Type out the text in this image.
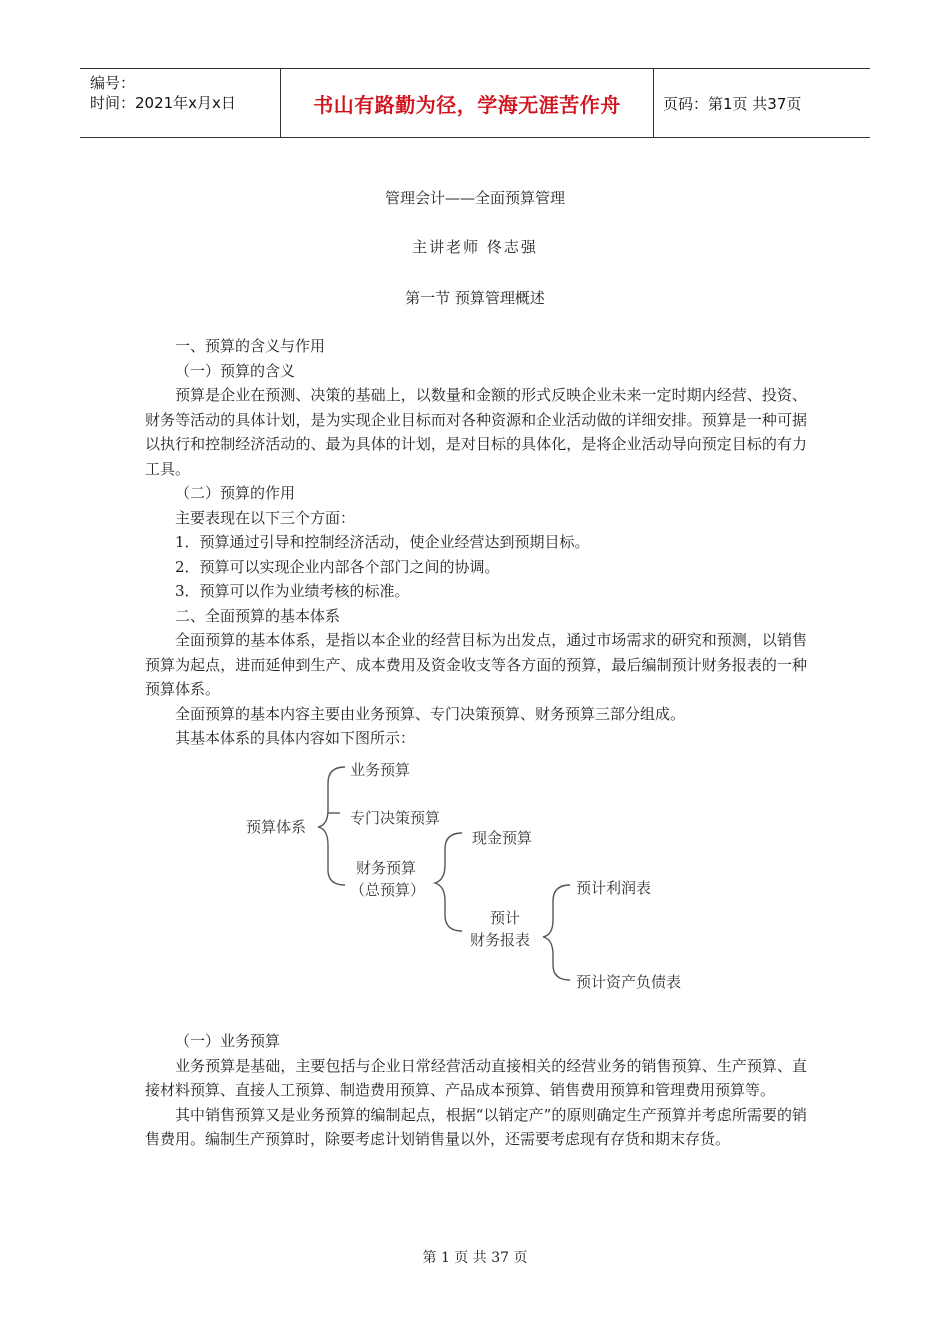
编号：
时间：2021年x月x日	书山有路勤为径，学海无涯苦作舟	页码：第1页 共37页
管理会计——全面预算管理
主讲老师 佟志强
第一节 预算管理概述

一、预算的含义与作用

（一）预算的含义

预算是企业在预测、决策的基础上，以数量和金额的形式反映企业未来一定时期内经营、投资、财务等活动的具体计划，是为实现企业目标而对各种资源和企业活动做的详细安排。预算是一种可据以执行和控制经济活动的、最为具体的计划，是对目标的具体化，是将企业活动导向预定目标的有力工具。

（二）预算的作用

主要表现在以下三个方面：

1．预算通过引导和控制经济活动，使企业经营达到预期目标。

2．预算可以实现企业内部各个部门之间的协调。

3．预算可以作为业绩考核的标准。

二、全面预算的基本体系

全面预算的基本体系，是指以本企业的经营目标为出发点，通过市场需求的研究和预测，以销售预算为起点，进而延伸到生产、成本费用及资金收支等各方面的预算，最后编制预计财务报表的一种预算体系。

全面预算的基本内容主要由业务预算、专门决策预算、财务预算三部分组成。

其基本体系的具体内容如下图所示：

预算体系
业务预算
专门决策预算
财务预算
（总预算）
现金预算
预计
财务报表
预计利润表
预计资产负债表

（一）业务预算

业务预算是基础，主要包括与企业日常经营活动直接相关的经营业务的销售预算、生产预算、直接材料预算、直接人工预算、制造费用预算、产品成本预算、销售费用预算和管理费用预算等。

其中销售预算又是业务预算的编制起点，根据“以销定产”的原则确定生产预算并考虑所需要的销售费用。编制生产预算时，除要考虑计划销售量以外，还需要考虑现有存货和期末存货。

第 1 页 共 37 页
